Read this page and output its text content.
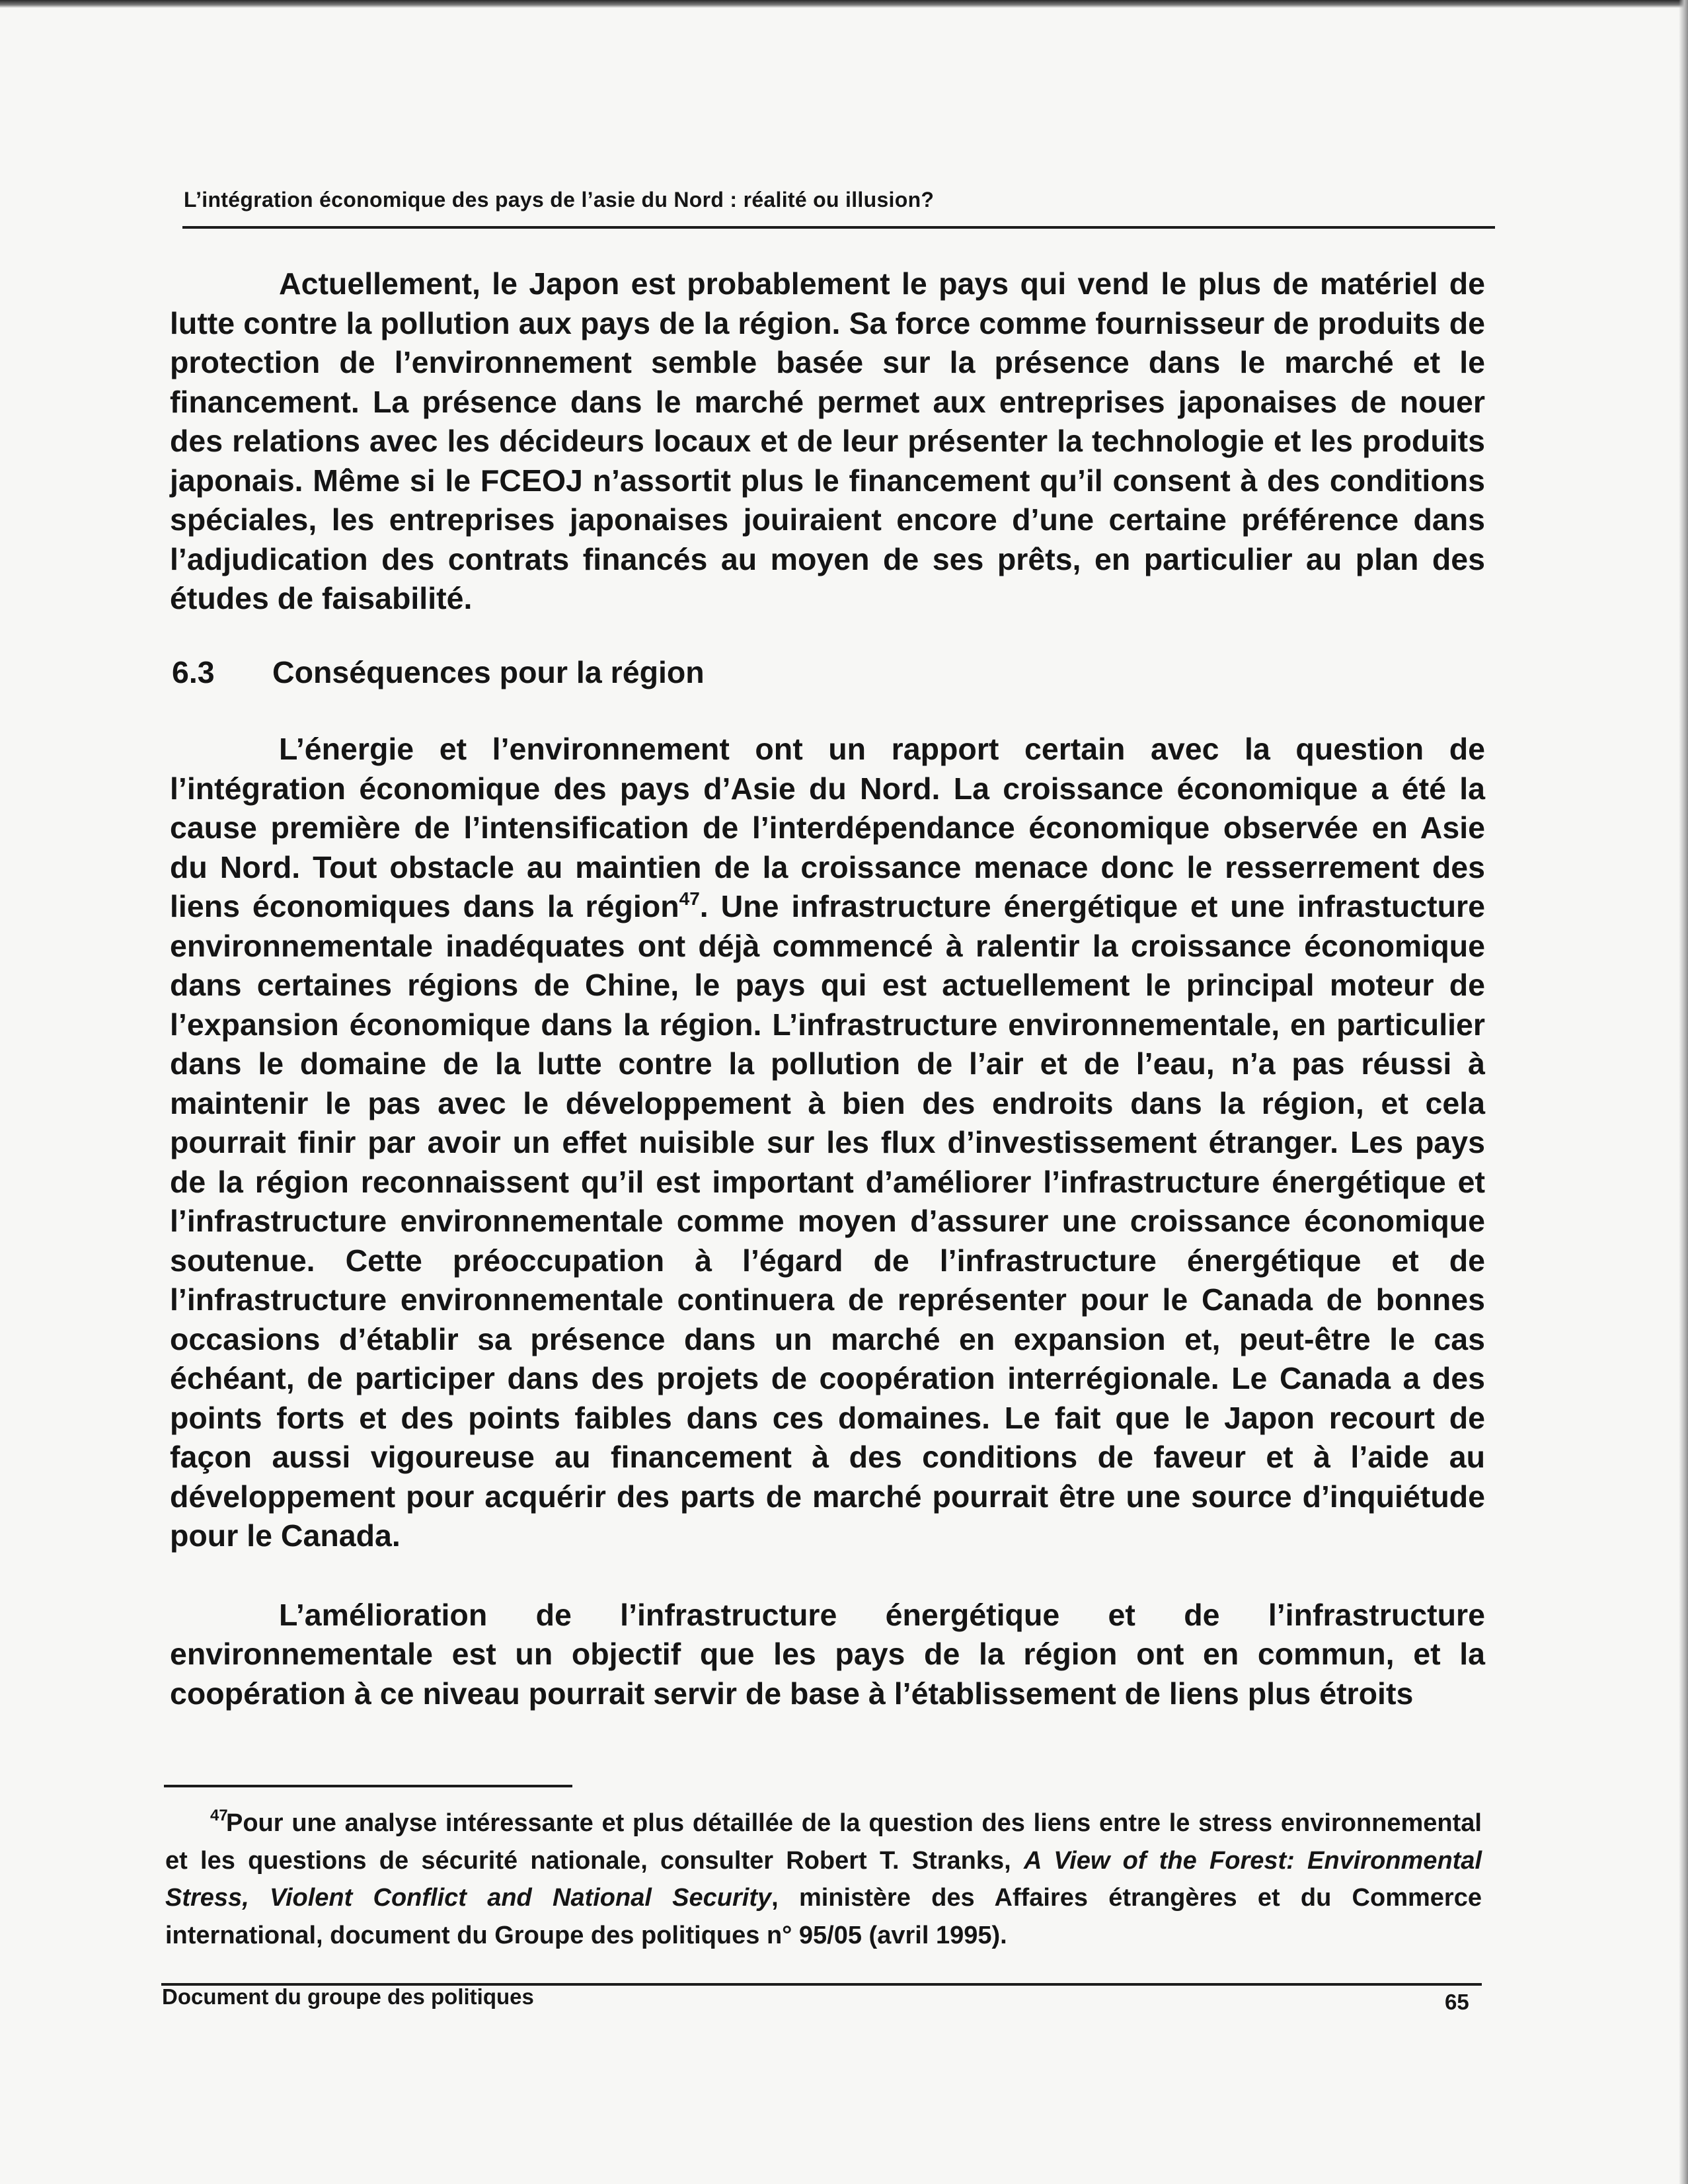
L’intégration économique des pays de l’asie du Nord : réalité ou illusion?

Actuellement, le Japon est probablement le pays qui vend le plus de matériel de lutte contre la pollution aux pays de la région. Sa force comme fournisseur de produits de protection de l’environnement semble basée sur la présence dans le marché et le financement. La présence dans le marché permet aux entreprises japonaises de nouer des relations avec les décideurs locaux et de leur présenter la technologie et les produits japonais. Même si le FCEOJ n’assortit plus le financement qu’il consent à des conditions spéciales, les entreprises japonaises jouiraient encore d’une certaine préférence dans l’adjudication des contrats financés au moyen de ses prêts, en particulier au plan des études de faisabilité.

6.3 Conséquences pour la région

L’énergie et l’environnement ont un rapport certain avec la question de l’intégration économique des pays d’Asie du Nord. La croissance économique a été la cause première de l’intensification de l’interdépendance économique observée en Asie du Nord. Tout obstacle au maintien de la croissance menace donc le resserrement des liens économiques dans la région$^{47}$. Une infrastructure énergétique et une infrastucture environnementale inadéquates ont déjà commencé à ralentir la croissance économique dans certaines régions de Chine, le pays qui est actuellement le principal moteur de l’expansion économique dans la région. L’infrastructure environnementale, en particulier dans le domaine de la lutte contre la pollution de l’air et de l’eau, n’a pas réussi à maintenir le pas avec le développement à bien des endroits dans la région, et cela pourrait finir par avoir un effet nuisible sur les flux d’investissement étranger. Les pays de la région reconnaissent qu’il est important d’améliorer l’infrastructure énergétique et l’infrastructure environnementale comme moyen d’assurer une croissance économique soutenue. Cette préoccupation à l’égard de l’infrastructure énergétique et de l’infrastructure environnementale continuera de représenter pour le Canada de bonnes occasions d’établir sa présence dans un marché en expansion et, peut-être le cas échéant, de participer dans des projets de coopération interrégionale. Le Canada a des points forts et des points faibles dans ces domaines. Le fait que le Japon recourt de façon aussi vigoureuse au financement à des conditions de faveur et à l’aide au développement pour acquérir des parts de marché pourrait être une source d’inquiétude pour le Canada.

L’amélioration de l’infrastructure énergétique et de l’infrastructure environnementale est un objectif que les pays de la région ont en commun, et la coopération à ce niveau pourrait servir de base à l’établissement de liens plus étroits

47Pour une analyse intéressante et plus détaillée de la question des liens entre le stress environnemental et les questions de sécurité nationale, consulter Robert T. Stranks, A View of the Forest: Environmental Stress, Violent Conflict and National Security, ministère des Affaires étrangères et du Commerce international, document du Groupe des politiques n° 95/05 (avril 1995).
Document du groupe des politiques	65
